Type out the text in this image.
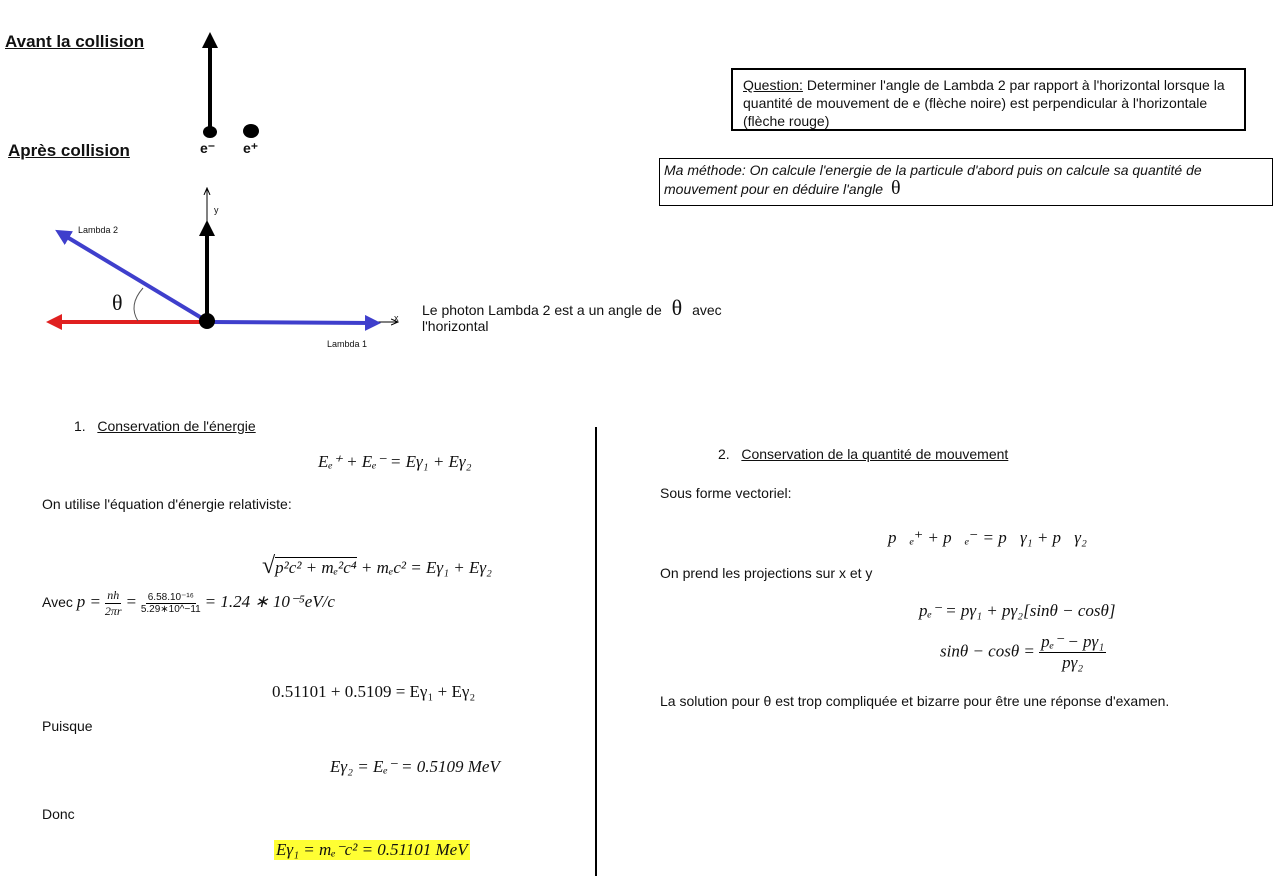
Avant la collision
Après collision	e⁻ e⁺
y
x
Lambda 2
Lambda 1
θ	Le photon Lambda 2 est a un angle de θ avec
l'horizontal
Question: Determiner l'angle de Lambda 2 par rapport à l'horizontal lorsque la quantité de mouvement de e (flèche noire) est perpendicular à l'horizontale (flèche rouge)
Ma méthode: On calcule l'energie de la particule d'abord puis on calcule sa quantité de mouvement pour en déduire l'angle θ
1. Conservation de l'énergie
Eₑ⁺ + Eₑ⁻ = Eγ₁ + Eγ₂
On utilise l'équation d'énergie relativiste:
√p²c² + mₑ²c⁴ + mₑc² = Eγ₁ + Eγ₂
Avec $p = \frac{nh}{2\pi r} = \frac{\text{6.58.10⁻¹⁶}}{5.29∗10\^{}-11} = 1.24$ ∗ 10⁻⁵eV/c
0.51101 + 0.5109 = Eγ₁ + Eγ₂
Puisque
Eγ₂ = Eₑ⁻ = 0.5109 MeV
Donc
Eγ₁ = mₑ⁻c² = 0.51101 MeV
2. Conservation de la quantité de mouvement
Sous forme vectoriel:
p⃗ₑ⁺ + p⃗ₑ⁻ = p⃗γ₁ + p⃗γ₂
On prend les projections sur x et y
pₑ⁻ = pγ₁ + pγ₂[sinθ − cosθ]
$\sin\theta - \cos\theta = \frac{\text{pₑ⁻ − pγ₁}}{\text{pγ₂}}$
La solution pour θ est trop compliquée et bizarre pour être une réponse d'examen.
